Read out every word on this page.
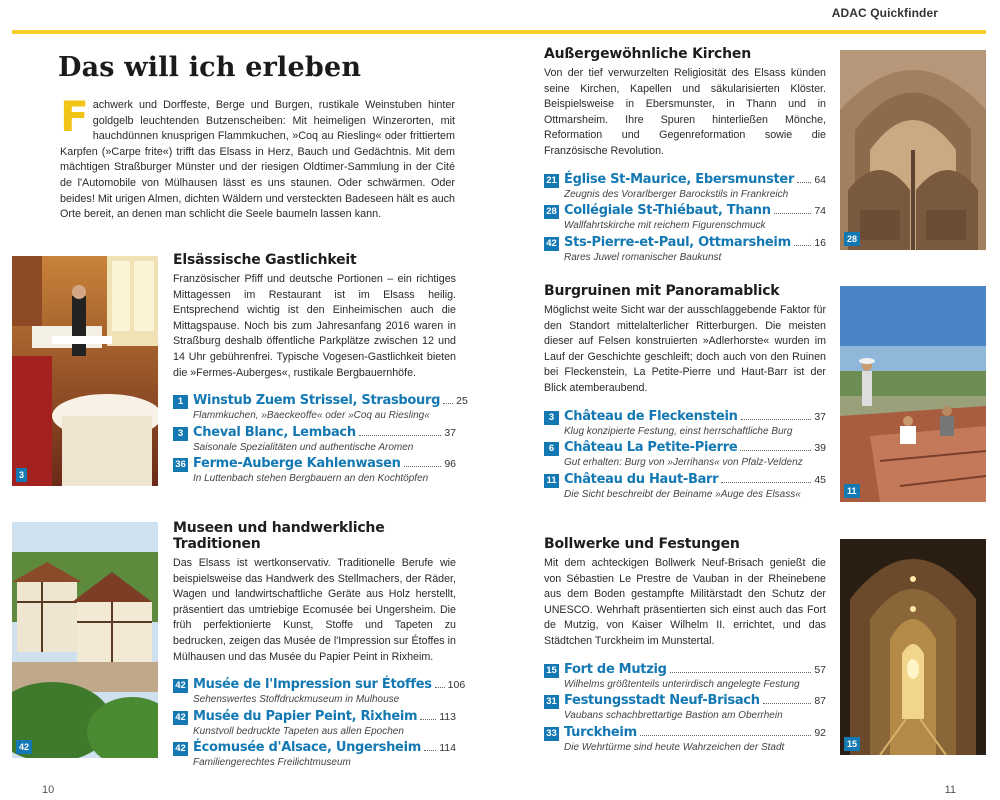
ADAC Quickfinder
Das will ich erleben
Fachwerk und Dorffeste, Berge und Burgen, rustikale Weinstuben hinter goldgelb leuchtenden Butzenscheiben: Mit heimeligen Winzerorten, mit hauchdünnen knusprigen Flammkuchen, »Coq au Riesling« oder frittiertem Karpfen (»Carpe frite«) trifft das Elsass in Herz, Bauch und Gedächtnis. Mit dem mächtigen Straßburger Münster und der riesigen Oldtimer-Sammlung in der Cité de l'Automobile von Mülhausen lässt es uns staunen. Oder schwärmen. Oder beides! Mit urigen Almen, dichten Wäldern und versteckten Badeseen hält es auch Orte bereit, an denen man schlicht die Seele baumeln lassen kann.
3
Elsässische Gastlichkeit

Französischer Pfiff und deutsche Portionen – ein richtiges Mittagessen im Restaurant ist im Elsass heilig. Entsprechend wichtig ist den Einheimischen auch die Mittagspause. Noch bis zum Jahresanfang 2016 waren in Straßburg deshalb öffentliche Parkplätze zwischen 12 und 14 Uhr gebührenfrei. Typische Vogesen-Gastlichkeit bieten die »Fermes-Auberges«, rustikale Bergbauernhöfe.

1 Winstub Zuem Strissel, Strasbourg 25
Flammkuchen, »Baeckeoffe« oder »Coq au Riesling«
3 Cheval Blanc, Lembach	37
Saisonale Spezialitäten und authentische Aromen
36 Ferme-Auberge Kahlenwasen	96
In Luttenbach stehen Bergbauern an den Kochtöpfen
42
Museen und handwerkliche Traditionen

Das Elsass ist wertkonservativ. Traditionelle Berufe wie beispielsweise das Handwerk des Stellmachers, der Räder, Wagen und landwirtschaftliche Geräte aus Holz herstellt, präsentiert das umtriebige Ecomusée bei Ungersheim. Die früh perfektionierte Kunst, Stoffe und Tapeten zu bedrucken, zeigen das Musée de l'Impression sur Étoffes in Mülhausen und das Musée du Papier Peint in Rixheim.

42 Musée de l'Impression sur Étoffes 106
Sehenswertes Stoffdruckmuseum in Mulhouse
42 Musée du Papier Peint, Rixheim 113
Kunstvoll bedruckte Tapeten aus allen Epochen
42 Écomusée d'Alsace, Ungersheim 114
Familiengerechtes Freilichtmuseum
Außergewöhnliche Kirchen

Von der tief verwurzelten Religiosität des Elsass künden seine Kirchen, Kapellen und säkularisierten Klöster. Beispielsweise in Ebersmunster, in Thann und in Ottmarsheim. Ihre Spuren hinterließen Mönche, Reformation und Gegenreformation sowie die Französische Revolution.

21 Église St-Maurice, Ebersmunster 64
Zeugnis des Vorarlberger Barockstils in Frankreich
28 Collégiale St-Thiébaut, Thann	74
Wallfahrtskirche mit reichem Figurenschmuck
42 Sts-Pierre-et-Paul, Ottmarsheim 16
Rares Juwel romanischer Baukunst
28
Burgruinen mit Panoramablick

Möglichst weite Sicht war der ausschlaggebende Faktor für den Standort mittelalterlicher Ritterburgen. Die meisten dieser auf Felsen konstruierten »Adlerhorste« wurden im Lauf der Geschichte geschleift; doch auch von den Ruinen bei Fleckenstein, La Petite-Pierre und Haut-Barr ist der Blick atemberaubend.

3 Château de Fleckenstein	37
Klug konzipierte Festung, einst herrschaftliche Burg
6 Château La Petite-Pierre	39
Gut erhalten: Burg von »Jerrihans« von Pfalz-Veldenz
11 Château du Haut-Barr	45
Die Sicht beschreibt der Beiname »Auge des Elsass«	11
Bollwerke und Festungen

Mit dem achteckigen Bollwerk Neuf-Brisach genießt die von Sébastien Le Prestre de Vauban in der Rheinebene aus dem Boden gestampfte Militärstadt den Schutz der UNESCO. Wehrhaft präsentierten sich einst auch das Fort de Mutzig, von Kaiser Wilhelm II. errichtet, und das Städtchen Turckheim im Munstertal.

15 Fort de Mutzig	57
Wilhelms größtenteils unterirdisch angelegte Festung
31 Festungsstadt Neuf-Brisach	87
Vaubans schachbrettartige Bastion am Oberrhein
33 Turckheim	92
Die Wehrtürme sind heute Wahrzeichen der Stadt	15
10	11
